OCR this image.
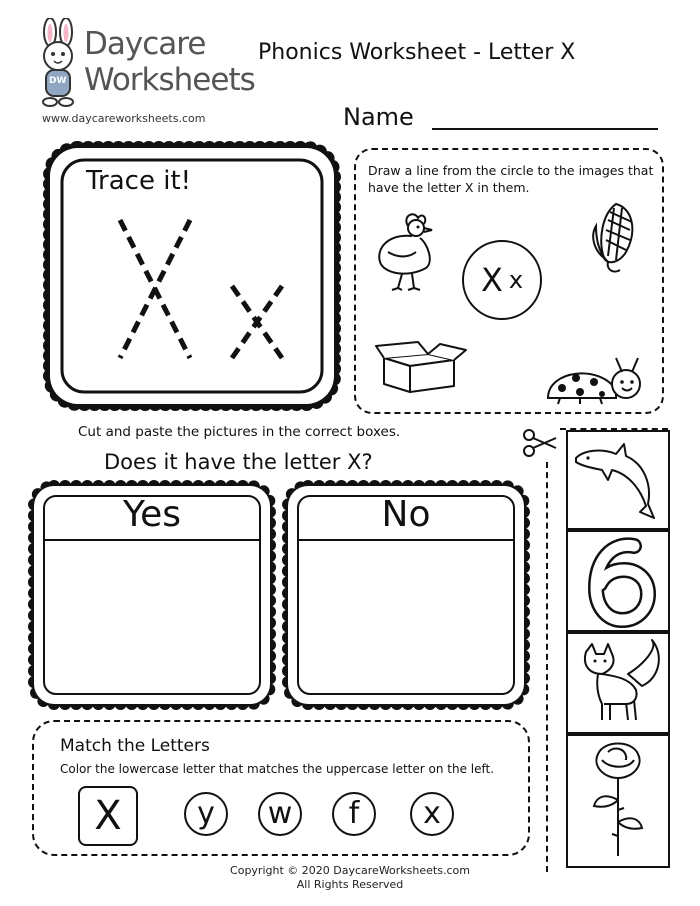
DW
Daycare
Worksheets
www.daycareworksheets.com
Phonics Worksheet - Letter X
Name
Trace it!	Draw a line from the circle to the images that have the letter X in them.
X x
Cut and paste the pictures in the correct boxes.
Does it have the letter X?
Yes	No
Match the Letters
Color the lowercase letter that matches the uppercase letter on the left.
X	y	w	f	x
Copyright © 2020 DaycareWorksheets.com
All Rights Reserved
